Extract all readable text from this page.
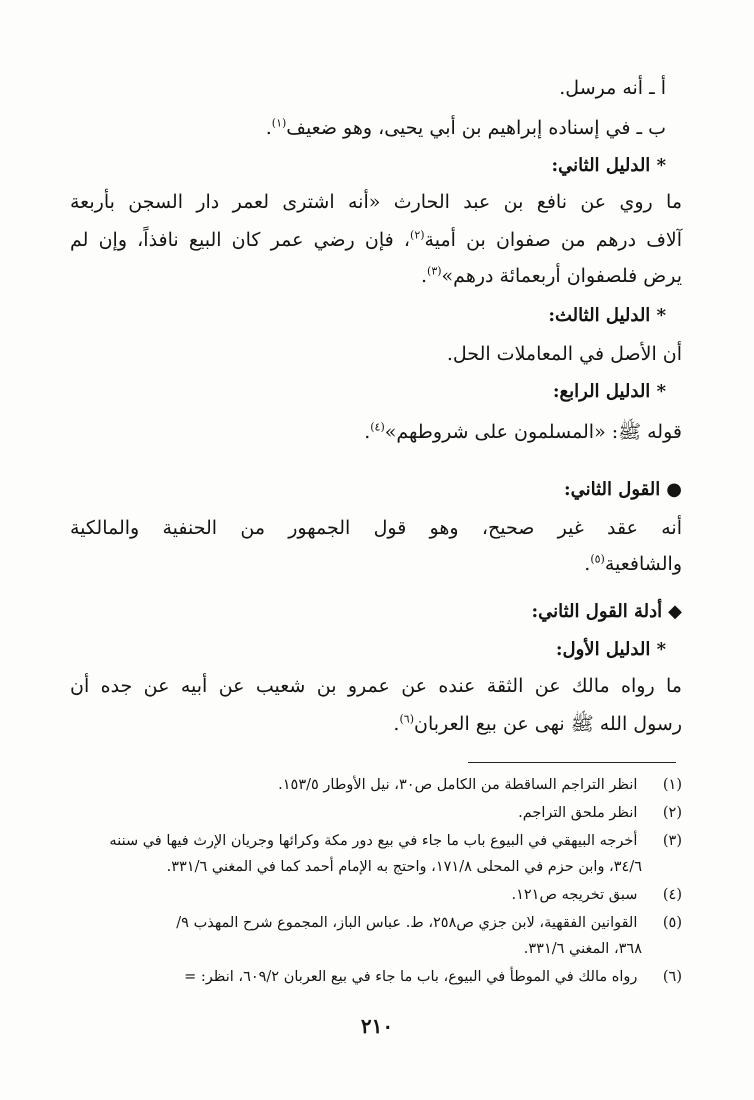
أ ـ أنه مرسل.
ب ـ في إسناده إبراهيم بن أبي يحيى، وهو ضعيف$^{(١)}$.
* الدليل الثاني:
ما روي عن نافع بن عبد الحارث «أنه اشترى لعمر دار السجن بأربعة
آلاف درهم من صفوان بن أمية$^{(٢)}$، فإن رضي عمر كان البيع نافذاً، وإن لم
يرض فلصفوان أربعمائة درهم»$^{(٣)}$.
* الدليل الثالث:
أن الأصل في المعاملات الحل.
* الدليل الرابع:
قوله ﷺ: «المسلمون على شروطهم»$^{(٤)}$.
●القول الثاني:
أنه عقد غير صحيح، وهو قول الجمهور من الحنفية والمالكية
والشافعية$^{(٥)}$.
◆أدلة القول الثاني:
* الدليل الأول:
ما رواه مالك عن الثقة عنده عن عمرو بن شعيب عن أبيه عن جده أن
رسول الله ﷺ نهى عن بيع العربان$^{(٦)}$.
(١) انظر التراجم الساقطة من الكامل ص٣٠، نيل الأوطار ١٥٣/٥.
(٢) انظر ملحق التراجم.
(٣) أخرجه البيهقي في البيوع باب ما جاء في بيع دور مكة وكرائها وجريان الإرث فيها في سننه
٣٤/٦، وابن حزم في المحلى ١٧١/٨، واحتج به الإمام أحمد كما في المغني ٣٣١/٦.
(٤) سبق تخريجه ص١٢١.
(٥) القوانين الفقهية، لابن جزي ص٢٥٨، ط. عباس الباز، المجموع شرح المهذب ٩/
٣٦٨، المغني ٣٣١/٦.
(٦) رواه مالك في الموطأ في البيوع، باب ما جاء في بيع العربان ٦٠٩/٢، انظر: =
٢١٠
